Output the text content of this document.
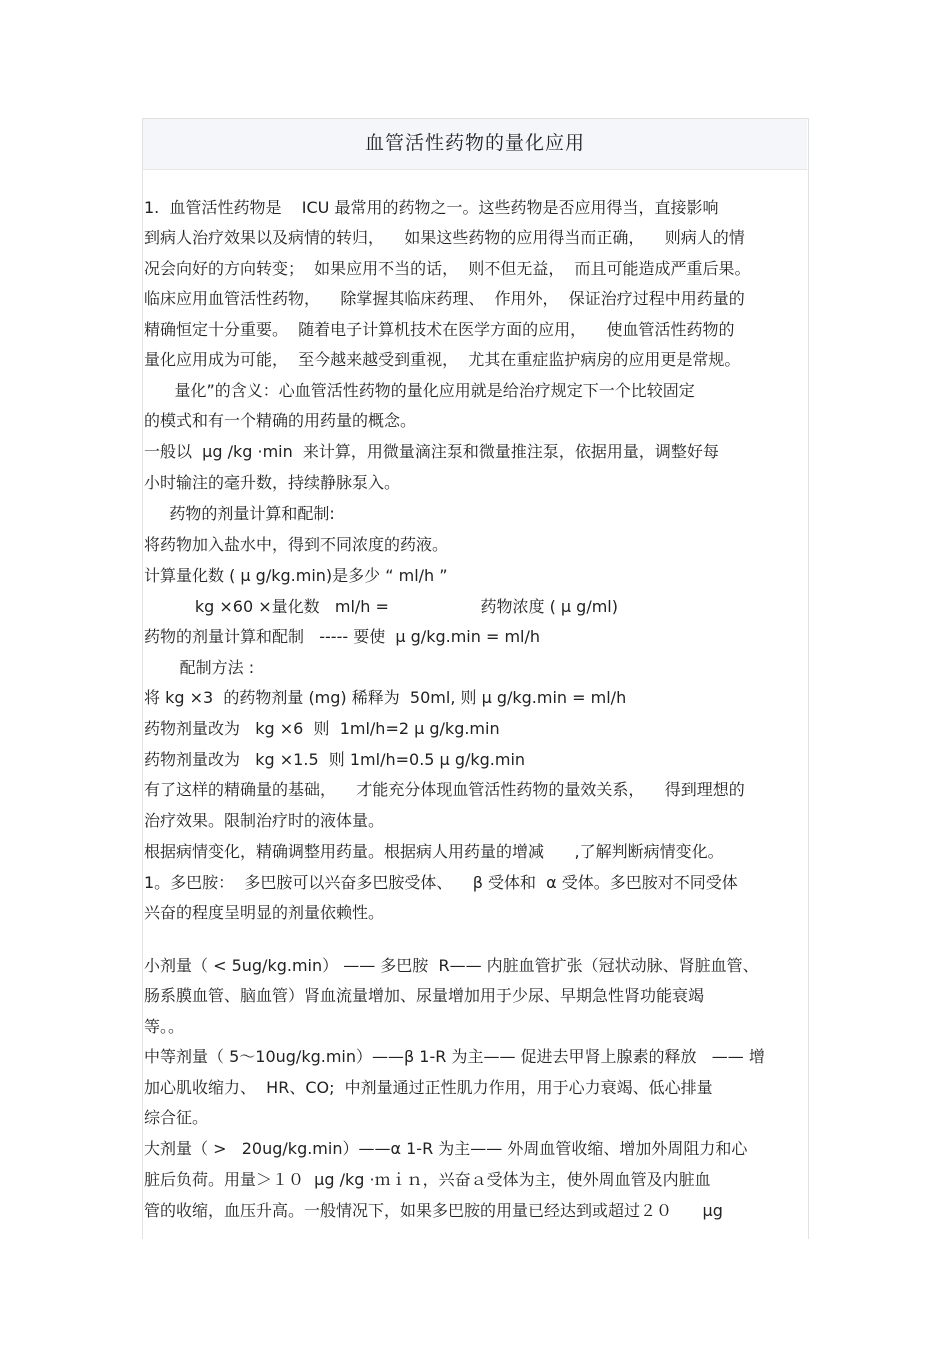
血管活性药物的量化应用
1.  血管活性药物是    ICU 最常用的药物之一。这些药物是否应用得当，直接影响
到病人治疗效果以及病情的转归，    如果这些药物的应用得当而正确，    则病人的情
况会向好的方向转变；  如果应用不当的话，  则不但无益，  而且可能造成严重后果。
临床应用血管活性药物，    除掌握其临床药理、  作用外，  保证治疗过程中用药量的
精确恒定十分重要。  随着电子计算机技术在医学方面的应用，    使血管活性药物的
量化应用成为可能，  至今越来越受到重视，  尤其在重症监护病房的应用更是常规。
量化”的含义：心血管活性药物的量化应用就是给治疗规定下一个比较固定
的模式和有一个精确的用药量的概念。
一般以  μg /kg ·min  来计算，用微量滴注泵和微量推注泵，依据用量，调整好每
小时输注的毫升数，持续静脉泵入。
药物的剂量计算和配制:
将药物加入盐水中，得到不同浓度的药液。
计算量化数 ( μ g/kg.min)是多少 “ ml/h ”
kg ×60 ×量化数   ml/h =                  药物浓度 ( μ g/ml)
药物的剂量计算和配制   ----- 要使  μ g/kg.min = ml/h
配制方法 :
将 kg ×3  的药物剂量 (mg) 稀释为  50ml, 则 μ g/kg.min = ml/h
药物剂量改为   kg ×6  则  1ml/h=2 μ g/kg.min
药物剂量改为   kg ×1.5  则 1ml/h=0.5 μ g/kg.min
有了这样的精确量的基础，    才能充分体现血管活性药物的量效关系，    得到理想的
治疗效果。限制治疗时的液体量。
根据病情变化，精确调整用药量。根据病人用药量的增减      ,了解判断病情变化。
1。多巴胺：  多巴胺可以兴奋多巴胺受体、    β 受体和  α 受体。多巴胺对不同受体
兴奋的程度呈明显的剂量依赖性。
小剂量（ < 5ug/kg.min） —— 多巴胺  R—— 内脏血管扩张（冠状动脉、肾脏血管、
肠系膜血管、脑血管）肾血流量增加、尿量增加用于少尿、早期急性肾功能衰竭
等。。
中等剂量（ 5～10ug/kg.min）——β 1-R 为主—— 促进去甲肾上腺素的释放   —— 增
加心肌收缩力、  HR、CO;  中剂量通过正性肌力作用，用于心力衰竭、低心排量
综合征。
大剂量（ >   20ug/kg.min）——α 1-R 为主—— 外周血管收缩、增加外周阻力和心
脏后负荷。用量＞１０  μg /kg ·ｍｉｎ，兴奋ａ受体为主，使外周血管及内脏血
管的收缩，血压升高。一般情况下，如果多巴胺的用量已经达到或超过２０      μg
